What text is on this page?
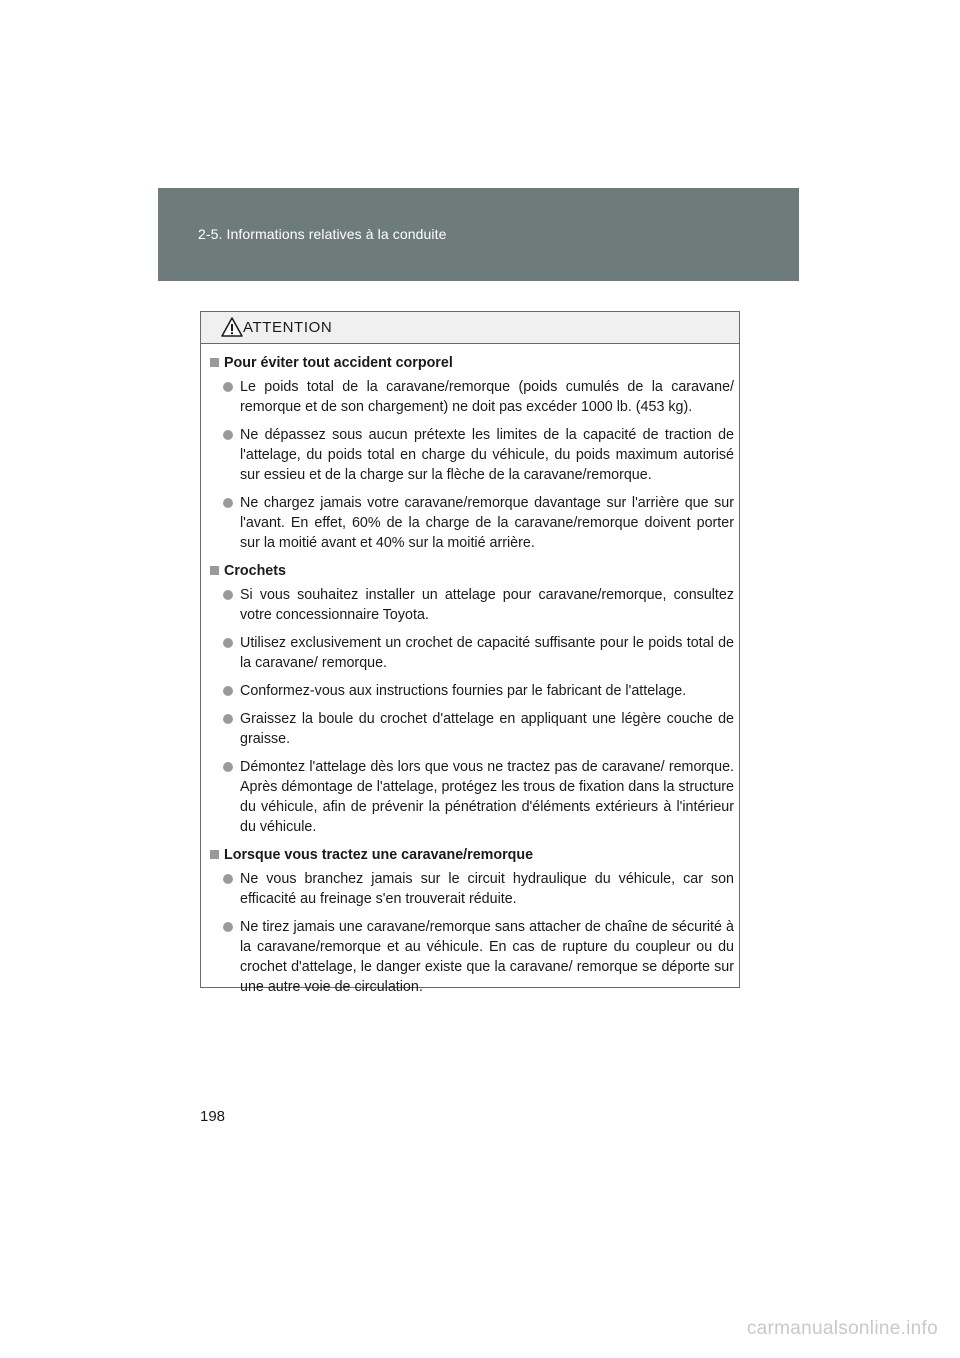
2-5. Informations relatives à la conduite
ATTENTION
Pour éviter tout accident corporel
Le poids total de la caravane/remorque (poids cumulés de la caravane/ remorque et de son chargement) ne doit pas excéder 1000 lb. (453 kg).
Ne dépassez sous aucun prétexte les limites de la capacité de traction de l'attelage, du poids total en charge du véhicule, du poids maximum autorisé sur essieu et de la charge sur la flèche de la caravane/remorque.
Ne chargez jamais votre caravane/remorque davantage sur l'arrière que sur l'avant. En effet, 60% de la charge de la caravane/remorque doivent porter sur la moitié avant et 40% sur la moitié arrière.
Crochets
Si vous souhaitez installer un attelage pour caravane/remorque, consultez votre concessionnaire Toyota.
Utilisez exclusivement un crochet de capacité suffisante pour le poids total de la caravane/ remorque.
Conformez-vous aux instructions fournies par le fabricant de l'attelage.
Graissez la boule du crochet d'attelage en appliquant une légère couche de graisse.
Démontez l'attelage dès lors que vous ne tractez pas de caravane/ remorque. Après démontage de l'attelage, protégez les trous de fixation dans la structure du véhicule, afin de prévenir la pénétration d'éléments extérieurs à l'intérieur du véhicule.
Lorsque vous tractez une caravane/remorque
Ne vous branchez jamais sur le circuit hydraulique du véhicule, car son efficacité au freinage s'en trouverait réduite.
Ne tirez jamais une caravane/remorque sans attacher de chaîne de sécurité à la caravane/remorque et au véhicule. En cas de rupture du coupleur ou du crochet d'attelage, le danger existe que la caravane/ remorque se déporte sur une autre voie de circulation.
198
carmanualsonline.info
